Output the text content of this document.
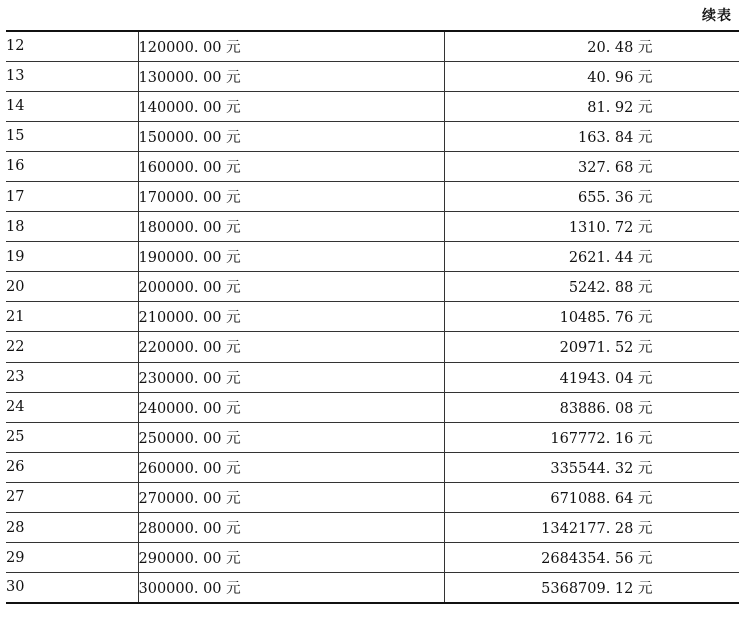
续表

12	120000. 00 元	20. 48 元
13	130000. 00 元	40. 96 元
14	140000. 00 元	81. 92 元
15	150000. 00 元	163. 84 元
16	160000. 00 元	327. 68 元
17	170000. 00 元	655. 36 元
18	180000. 00 元	1310. 72 元
19	190000. 00 元	2621. 44 元
20	200000. 00 元	5242. 88 元
21	210000. 00 元	10485. 76 元
22	220000. 00 元	20971. 52 元
23	230000. 00 元	41943. 04 元
24	240000. 00 元	83886. 08 元
25	250000. 00 元	167772. 16 元
26	260000. 00 元	335544. 32 元
27	270000. 00 元	671088. 64 元
28	280000. 00 元	1342177. 28 元
29	290000. 00 元	2684354. 56 元
30	300000. 00 元	5368709. 12 元
